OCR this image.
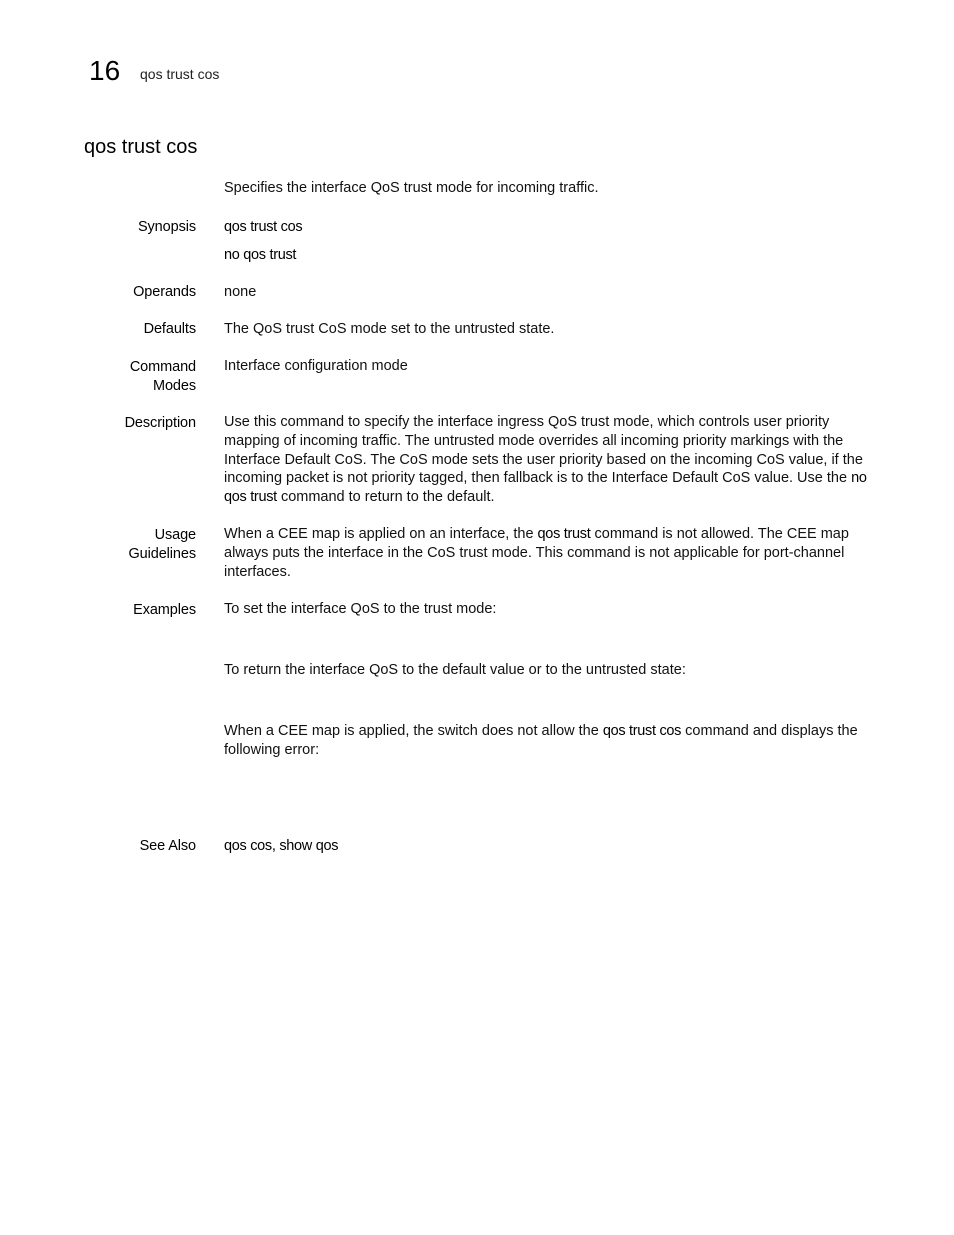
16 qos trust cos
qos trust cos
Specifies the interface QoS trust mode for incoming traffic.
Synopsis qos trust cos
no qos trust
Operands none
Defaults The QoS trust CoS mode set to the untrusted state.
Command
Modes
Interface configuration mode
Description Use this command to specify the interface ingress QoS trust mode, which controls user priority mapping of incoming traffic. The untrusted mode overrides all incoming priority markings with the Interface Default CoS. The CoS mode sets the user priority based on the incoming CoS value, if the incoming packet is not priority tagged, then fallback is to the Interface Default CoS value. Use the no qos trust command to return to the default.
Usage
Guidelines
When a CEE map is applied on an interface, the qos trust command is not allowed. The CEE map always puts the interface in the CoS trust mode. This command is not applicable for port-channel interfaces.
Examples To set the interface QoS to the trust mode:
To return the interface QoS to the default value or to the untrusted state:
When a CEE map is applied, the switch does not allow the qos trust cos command and displays the following error:
See Also qos cos, show qos
